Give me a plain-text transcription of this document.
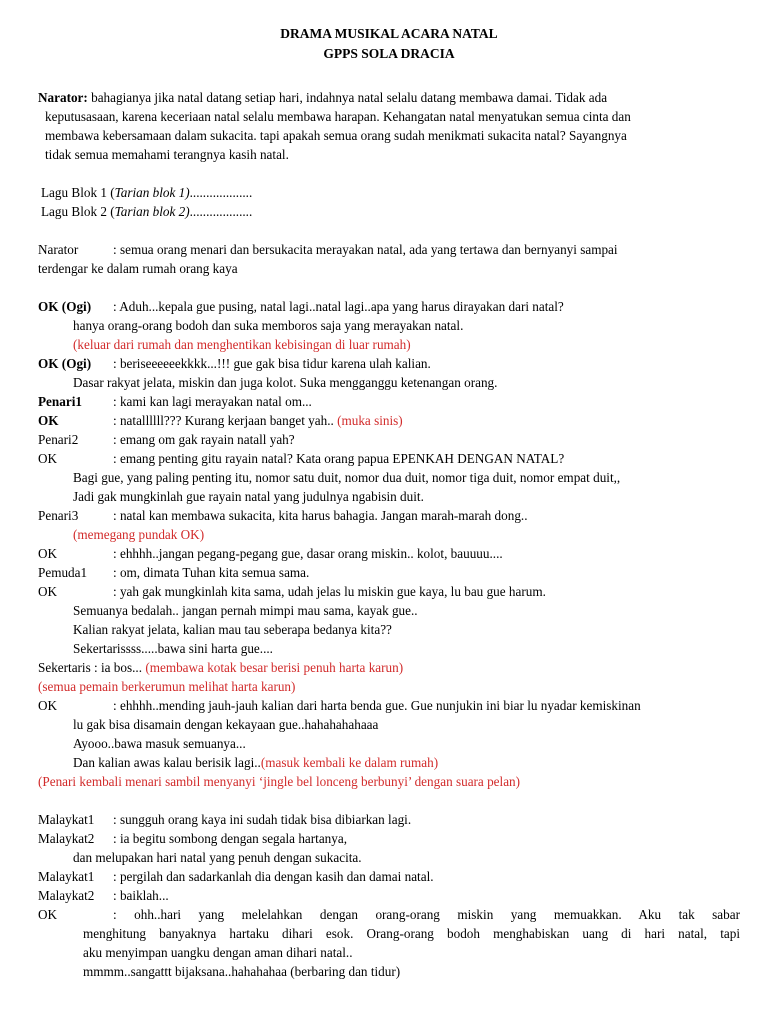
DRAMA MUSIKAL ACARA NATAL
GPPS SOLA DRACIA
Narator: bahagianya jika natal datang setiap hari, indahnya natal selalu datang membawa damai. Tidak ada
keputusasaan, karena keceriaan natal selalu membawa harapan. Kehangatan natal menyatukan semua cinta dan
membawa kebersamaan dalam sukacita. tapi apakah semua orang sudah menikmati sukacita natal? Sayangnya
tidak semua memahami terangnya kasih natal.
Lagu Blok 1 (Tarian blok 1)...................
Lagu Blok 2 (Tarian blok 2)...................
Narator	: semua orang menari dan bersukacita merayakan natal, ada yang tertawa dan bernyanyi sampai
terdengar ke dalam rumah orang kaya
OK (Ogi)	: Aduh...kepala gue pusing, natal lagi..natal lagi..apa yang harus dirayakan dari natal?
hanya orang-orang bodoh dan suka memboros saja yang merayakan natal.
(keluar dari rumah dan menghentikan kebisingan di luar rumah)
OK (Ogi)	: beriseeeeeekkkk...!!! gue gak bisa tidur karena ulah kalian.
Dasar rakyat jelata, miskin dan juga kolot. Suka mengganggu ketenangan orang.
Penari1	: kami kan lagi merayakan natal om...
OK	: natallllll??? Kurang kerjaan banget yah.. (muka sinis)
Penari2	: emang om gak rayain natall yah?
OK	: emang penting gitu rayain natal? Kata orang papua EPENKAH DENGAN NATAL?
Bagi gue, yang paling penting itu, nomor satu duit, nomor dua duit, nomor tiga duit, nomor empat duit,,
Jadi gak mungkinlah gue rayain natal yang judulnya ngabisin duit.
Penari3	: natal kan membawa sukacita, kita harus bahagia. Jangan marah-marah dong..
(memegang pundak OK)
OK	: ehhhh..jangan pegang-pegang gue, dasar orang miskin.. kolot, bauuuu....
Pemuda1	: om, dimata Tuhan kita semua sama.
OK	: yah gak mungkinlah kita sama, udah jelas lu miskin gue kaya, lu bau gue harum.
Semuanya bedalah.. jangan pernah mimpi mau sama, kayak gue..
Kalian rakyat jelata, kalian mau tau seberapa bedanya kita??
Sekertarissss.....bawa sini harta gue....
Sekertaris : ia bos... (membawa kotak besar berisi penuh harta karun)
(semua pemain berkerumun melihat harta karun)
OK	: ehhhh..mending jauh-jauh kalian dari harta benda gue. Gue nunjukin ini biar lu nyadar kemiskinan
lu gak bisa disamain dengan kekayaan gue..hahahahahaaa
Ayooo..bawa masuk semuanya...
Dan kalian awas kalau berisik lagi..(masuk kembali ke dalam rumah)
(Penari kembali menari sambil menyanyi ‘jingle bel lonceng berbunyi’ dengan suara pelan)
Malaykat1	: sungguh orang kaya ini sudah tidak bisa dibiarkan lagi.
Malaykat2	: ia begitu sombong dengan segala hartanya,
dan melupakan hari natal yang penuh dengan sukacita.
Malaykat1	: pergilah dan sadarkanlah dia dengan kasih dan damai natal.
Malaykat2	: baiklah...
OK	: ohh..hari yang melelahkan dengan orang-orang miskin yang memuakkan. Aku tak sabar
menghitung banyaknya hartaku dihari esok. Orang-orang bodoh menghabiskan uang di hari natal, tapi
aku menyimpan uangku dengan aman dihari natal..
mmmm..sangattt bijaksana..hahahahaa (berbaring dan tidur)
